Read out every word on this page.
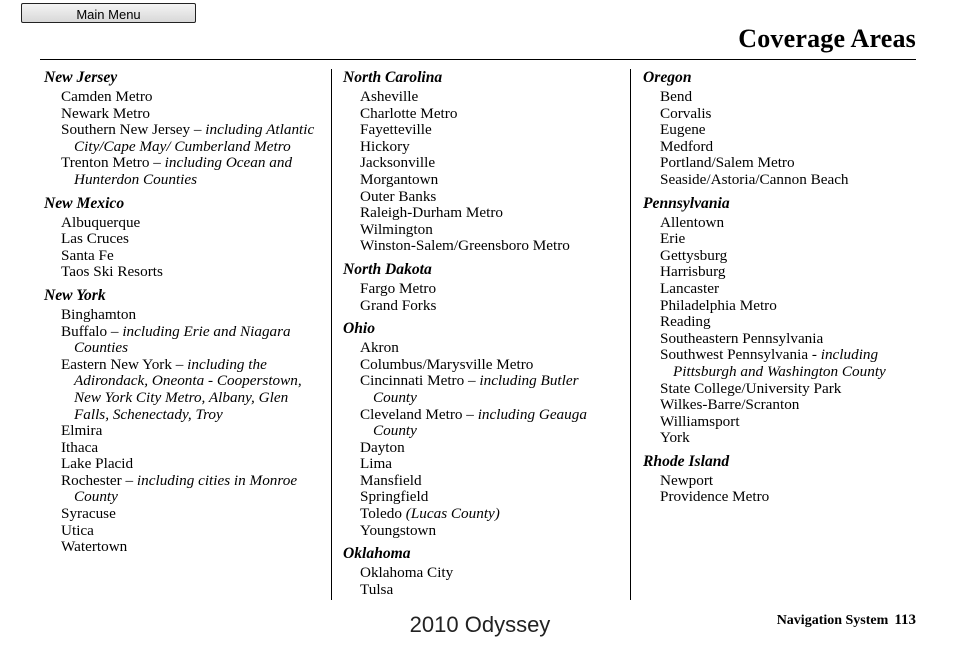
Main Menu
Coverage Areas
New Jersey
Camden Metro
Newark Metro
Southern New Jersey – including Atlantic City/Cape May/ Cumberland Metro
Trenton Metro – including Ocean and Hunterdon Counties
New Mexico
Albuquerque
Las Cruces
Santa Fe
Taos Ski Resorts
New York
Binghamton
Buffalo – including Erie and Niagara Counties
Eastern New York – including the Adirondack, Oneonta - Cooperstown, New York City Metro, Albany, Glen Falls, Schenectady, Troy
Elmira
Ithaca
Lake Placid
Rochester – including cities in Monroe County
Syracuse
Utica
Watertown
North Carolina
Asheville
Charlotte Metro
Fayetteville
Hickory
Jacksonville
Morgantown
Outer Banks
Raleigh-Durham Metro
Wilmington
Winston-Salem/Greensboro Metro
North Dakota
Fargo Metro
Grand Forks
Ohio
Akron
Columbus/Marysville Metro
Cincinnati Metro – including Butler County
Cleveland Metro – including Geauga County
Dayton
Lima
Mansfield
Springfield
Toledo (Lucas County)
Youngstown
Oklahoma
Oklahoma City
Tulsa
Oregon
Bend
Corvalis
Eugene
Medford
Portland/Salem Metro
Seaside/Astoria/Cannon Beach
Pennsylvania
Allentown
Erie
Gettysburg
Harrisburg
Lancaster
Philadelphia Metro
Reading
Southeastern Pennsylvania
Southwest Pennsylvania - including Pittsburgh and Washington County
State College/University Park
Wilkes-Barre/Scranton
Williamsport
York
Rhode Island
Newport
Providence Metro
2010 Odyssey	Navigation System 113
